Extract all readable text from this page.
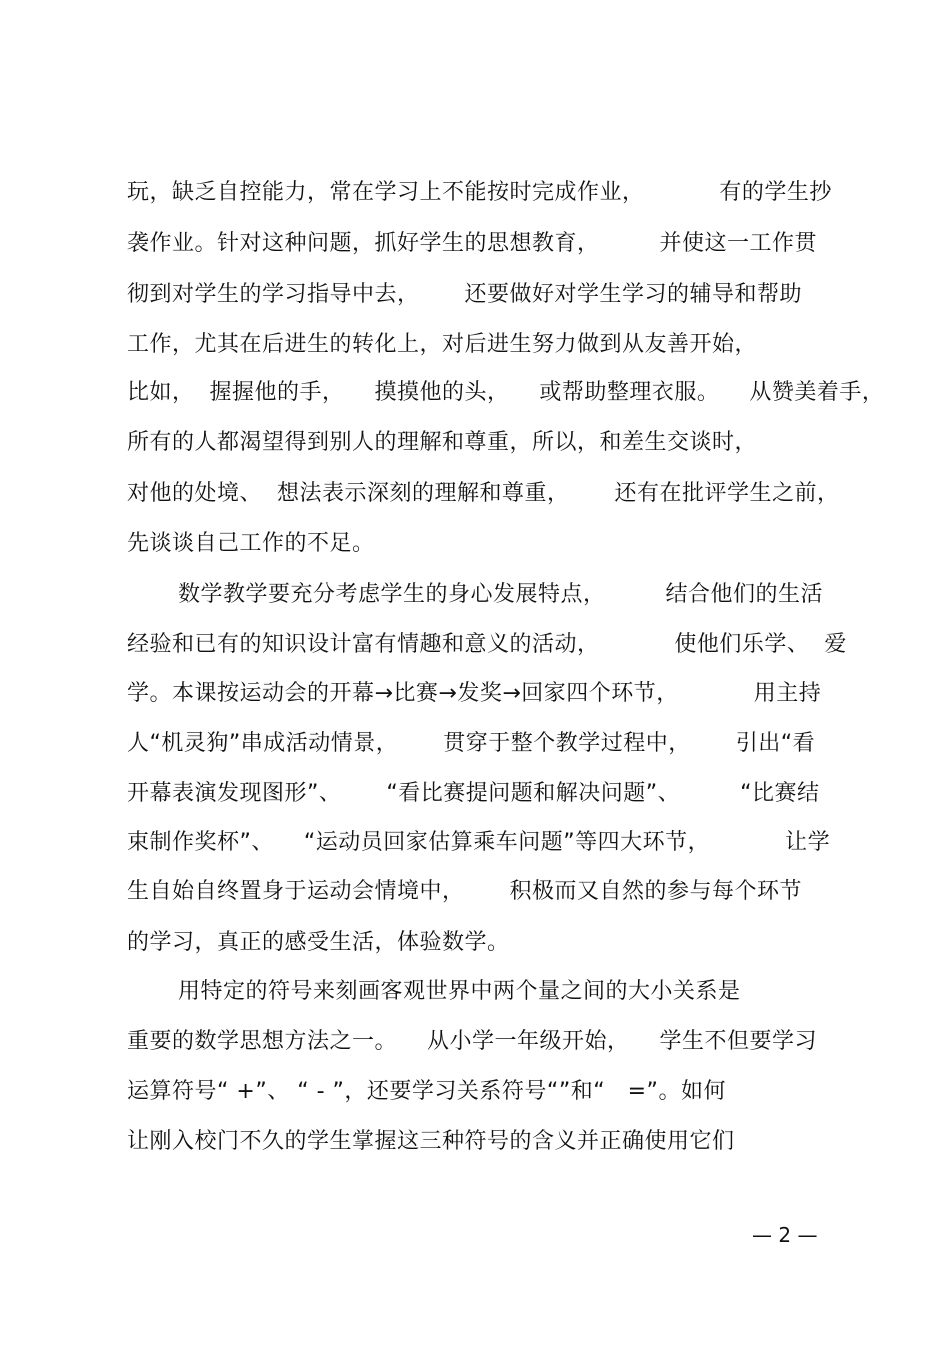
玩，缺乏自控能力，常在学习上不能按时完成作业，          有的学生抄
袭作业。针对这种问题，抓好学生的思想教育，        并使这一工作贯
彻到对学生的学习指导中去，      还要做好对学生学习的辅导和帮助
工作，尤其在后进生的转化上，对后进生努力做到从友善开始，
比如，  握握他的手，    摸摸他的头，    或帮助整理衣服。    从赞美着手，
所有的人都渴望得到别人的理解和尊重，所以，和差生交谈时，
对他的处境、  想法表示深刻的理解和尊重，      还有在批评学生之前，
先谈谈自己工作的不足。
数学教学要充分考虑学生的身心发展特点，        结合他们的生活
经验和已有的知识设计富有情趣和意义的活动，          使他们乐学、  爱
学。本课按运动会的开幕→比赛→发奖→回家四个环节，          用主持
人“机灵狗”串成活动情景，      贯穿于整个教学过程中，      引出“看
开幕表演发现图形”、      “看比赛提问题和解决问题”、        “比赛结
束制作奖杯”、    “运动员回家估算乘车问题”等四大环节，          让学
生自始自终置身于运动会情境中，      积极而又自然的参与每个环节
的学习，真正的感受生活，体验数学。
用特定的符号来刻画客观世界中两个量之间的大小关系是
重要的数学思想方法之一。    从小学一年级开始，    学生不但要学习
运算符号“ +”、 “ - ”，还要学习关系符号“”和“   =”。如何
让刚入校门不久的学生掌握这三种符号的含义并正确使用它们
— 2 —
